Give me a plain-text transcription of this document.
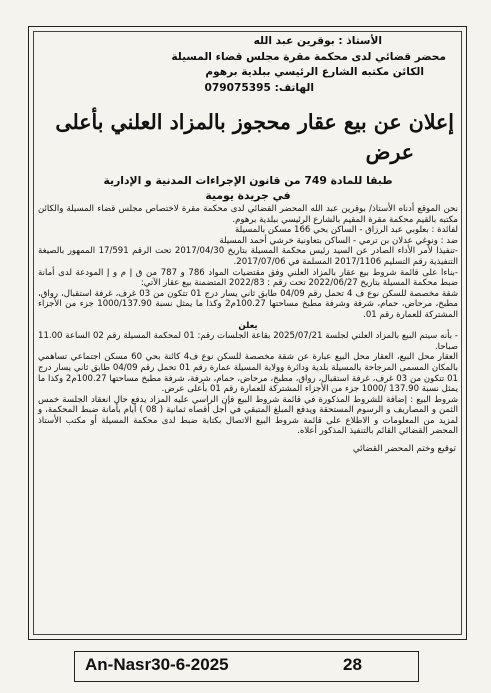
الأستاذ : بوقرين عبد الله
محضر قضائي لدى محكمة مقرة مجلس قضاء المسيلة
الكائن مكتبه الشارع الرئيسي ببلدية برهوم
الهاتف: 079075395
إعلان عن بيع عقار محجوز بالمزاد العلني بأعلى
عرض
طبقا للمادة 749 من قانون الإجراءات المدنية و الإدارية
في جريدة يومية

نحن الموقع أدناه الأستاذ/ بوقرين عبد الله المحضر القضائي لدى محكمة مقرة لاختصاص مجلس قضاء المسيلة والكائن مكتبه بالقيم محكمة مقرة المقيم بالشارع الرئيسي ببلدية برهوم.

لفائدة : بعلوبي عبد الرزاق - الساكن بحي 166 مسكن بالمسيلة

ضد : ونوغي عدلان بن ترمي - الساكن بتعاونية خرشي أحمد المسيلة

-تنفيذا لأمر الأداء الصادر عن السيد رئيس محكمة المسيلة بتاريخ 2017/04/30 تحت الرقم 17/591 الممهور بالصيغة التنفيذية رقم التسليم 2017/1106 المسلمة في 2017/07/06.

-بناءا على قائمة شروط بيع عقار بالمزاد العلني وفق مقتضيات المواد 786 و 787 من ق إ م و إ المودعة لدى أمانة ضبط محكمة المسيلة بتاريخ 2022/06/27 تحت رقم : 2022/83 المتضمنة بيع عقار الآتي:

شقة مخصصة للسكن نوع ف 4 تحمل رقم 04/09 طابق ثاني يسار درج 01 تتكون من 03 غرف، غرفة استقبال، رواق، مطبخ، مرحاض، حمام، شرفة وشرفة مطبخ مساحتها 100.27م2 وكذا ما يمثل نسبة 1000/137.90 جزء من الأجزاء المشتركة للعمارة رقم 01.

يعلن

- بأنه سيتم البيع بالمزاد العلني لجلسة 2025/07/21 بقاعة الجلسات رقم: 01 لمحكمة المسيلة رقم 02 الساعة 11.00 صباحا.

العقار محل البيع، العقار محل البيع عبارة عن شقة مخصصة للسكن نوع ف4 كائنة بحي 60 مسكن اجتماعي تساهمي بالمكان المسمى المرجاحة بالمسيلة بلدية ودائرة وولاية المسيلة عمارة رقم 01 تحمل رقم 04/09 طابق ثاني يسار درج 01 تتكون من 03 غرف، غرفة استقبال، رواق، مطبخ، مرحاض، حمام، شرفة، شرفة مطبخ مساحتها 100.27م2 وكذا ما يمثل نسبة 137.90 /1000 جزء من الأجزاء المشتركة للعمارة رقم 01 بأعلى عرض.

شروط البيع : إضافة للشروط المذكورة في قائمة شروط البيع فإن الراسي عليه المزاد يدفع حال انعقاد الجلسة خمس الثمن و المصاريف و الرسوم المستحقة ويدفع المبلغ المتبقي في أجل أقصاه ثمانية ( 08 ) أيام بأمانة ضبط المحكمة، و لمزيد من المعلومات و الاطلاع على قائمة شروط البيع الاتصال بكتابة ضبط لدى محكمة المسيلة أو مكتب الأستاذ المحضر القضائي القائم بالتنفيذ المذكور أعلاه.

توقيع وختم المحضر القضائي
An-Nasr30-6-2025	28
